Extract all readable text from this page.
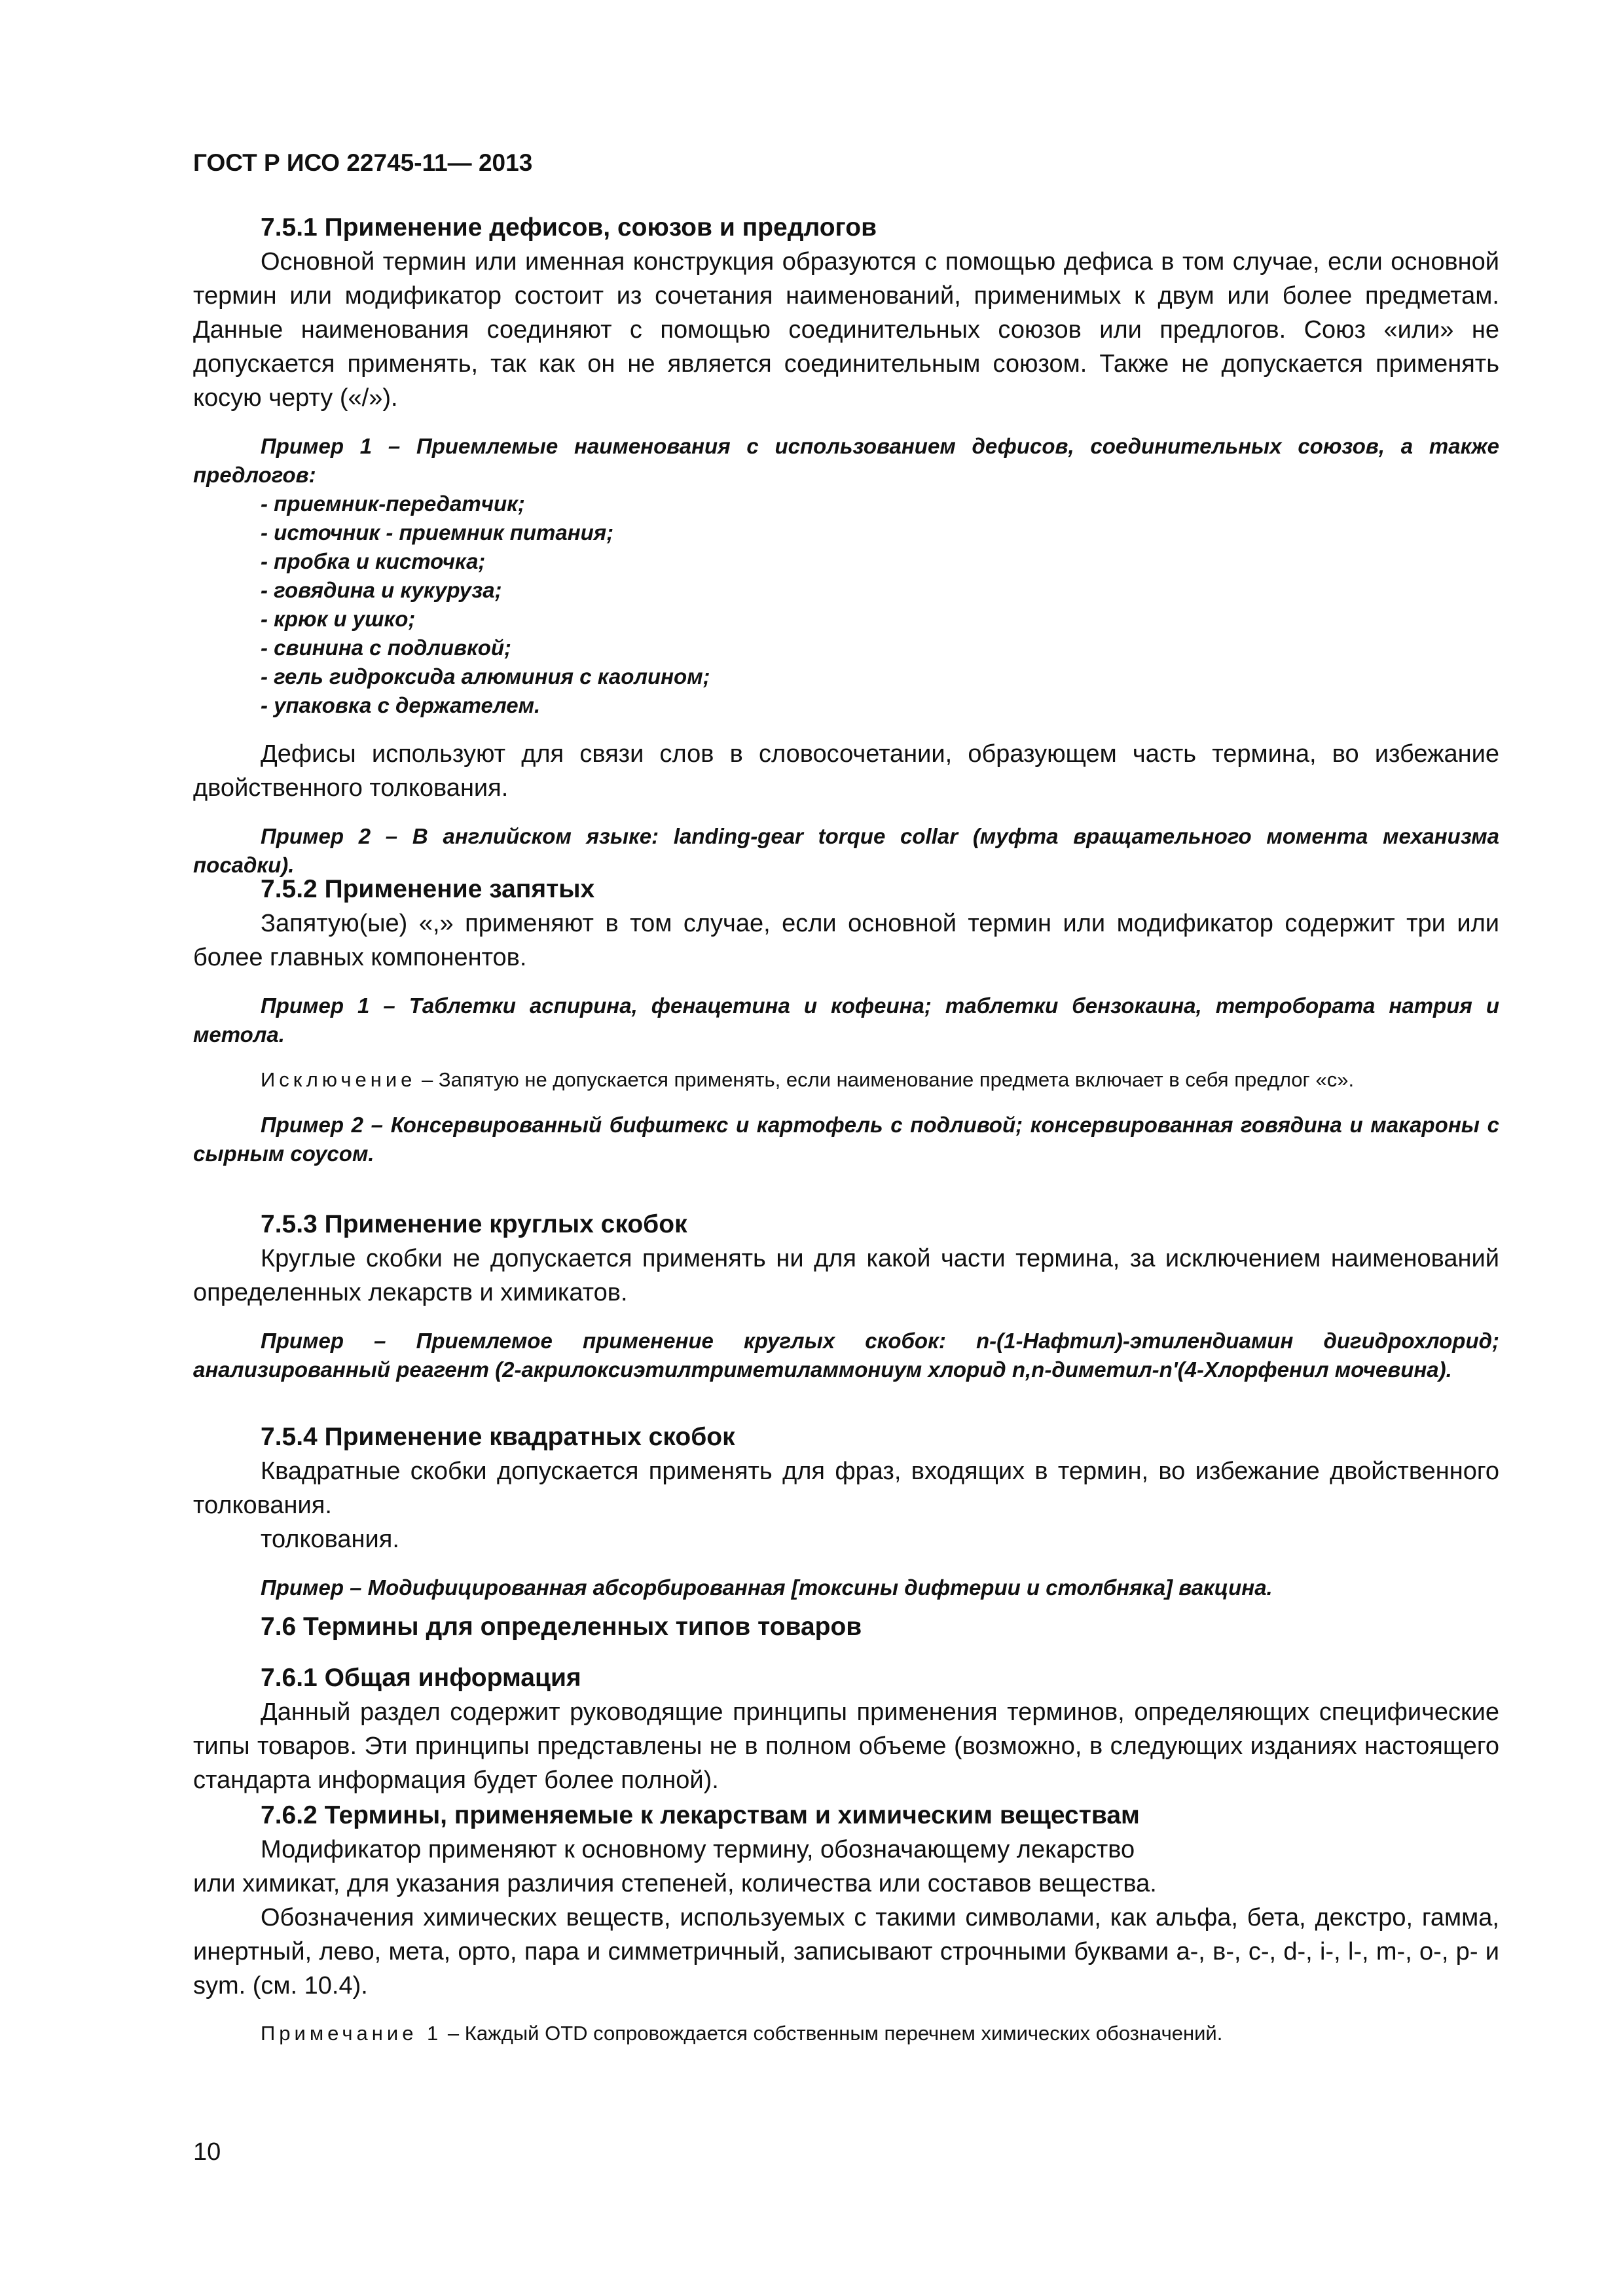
ГОСТ Р ИСО 22745-11— 2013

7.5.1 Применение дефисов, союзов и предлогов

Основной термин или именная конструкция образуются с помощью дефиса в том случае, если основной термин или модификатор состоит из сочетания наименований, применимых к двум или более предметам. Данные наименования соединяют с помощью соединительных союзов или предлогов. Союз «или» не допускается применять, так как он не является соединительным союзом. Также не допускается применять косую черту («/»).

Пример 1 – Приемлемые наименования с использованием дефисов, соединительных союзов, а также предлогов:

- приемник-передатчик;
- источник - приемник питания;
- пробка и кисточка;
- говядина и кукуруза;
- крюк и ушко;
- свинина с подливкой;
- гель гидроксида алюминия с каолином;
- упаковка с держателем.

Дефисы используют для связи слов в словосочетании, образующем часть термина, во избежание двойственного толкования.

Пример 2 – В английском языке: landing-gear torque collar (муфта вращательного момента механизма посадки).

7.5.2 Применение запятых

Запятую(ые) «,» применяют в том случае, если основной термин или модификатор содержит три или более главных компонентов.

Пример 1 – Таблетки аспирина, фенацетина и кофеина; таблетки бензокаина, тетробората натрия и метола.

Исключение – Запятую не допускается применять, если наименование предмета включает в себя предлог «с».

Пример 2 – Консервированный бифштекс и картофель с подливой; консервированная говядина и макароны с сырным соусом.

7.5.3 Применение круглых скобок

Круглые скобки не допускается применять ни для какой части термина, за исключением наименований определенных лекарств и химикатов.

Пример – Приемлемое применение круглых скобок: n-(1-Нафтил)-этилендиамин дигидрохлорид; анализированный реагент (2-акрилоксиэтилтриметиламмониум хлорид n,n-диметил-n'(4-Хлорфенил мочевина).

7.5.4 Применение квадратных скобок

Квадратные скобки допускается применять для фраз, входящих в термин, во избежание двойственного толкования.

толкования.

Пример – Модифицированная абсорбированная [токсины дифтерии и столбняка] вакцина.

7.6 Термины для определенных типов товаров

7.6.1 Общая информация

Данный раздел содержит руководящие принципы применения терминов, определяющих специфические типы товаров. Эти принципы представлены не в полном объеме (возможно, в следующих изданиях настоящего стандарта информация будет более полной).

7.6.2 Термины, применяемые к лекарствам и химическим веществам

Модификатор применяют к основному термину, обозначающему лекарство

или химикат, для указания различия степеней, количества или составов вещества.

Обозначения химических веществ, используемых с такими символами, как альфа, бета, декстро, гамма, инертный, лево, мета, орто, пара и симметричный, записывают строчными буквами а-, в-, с-, d-, i-, l-, m-, о-, р- и sym. (см. 10.4).

Примечание 1 – Каждый OTD сопровождается собственным перечнем химических обозначений.

10
